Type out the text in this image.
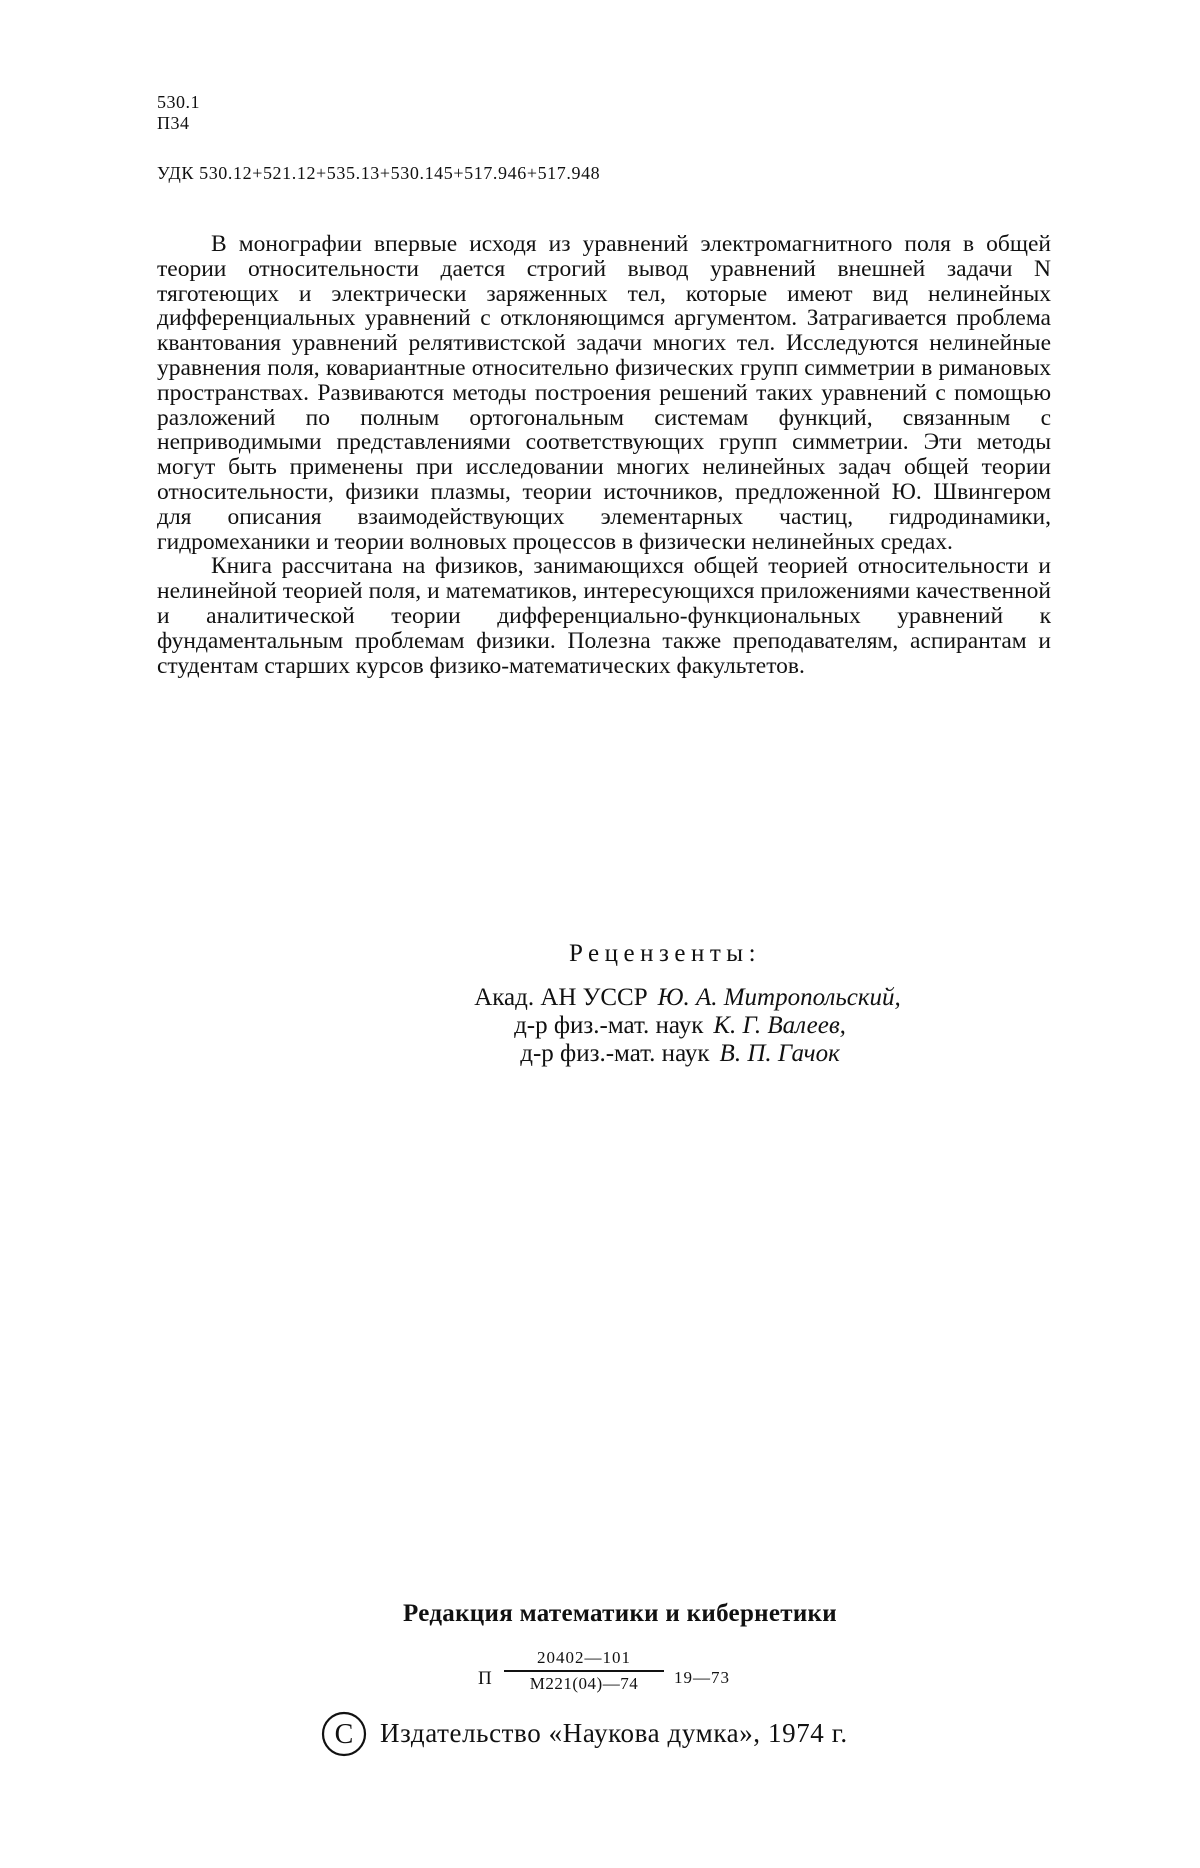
530.1
П34
УДК 530.12+521.12+535.13+530.145+517.946+517.948

В монографии впервые исходя из уравнений электромагнитного поля в общей теории относительности дается строгий вывод уравнений внешней задачи N тяготеющих и электрически заряженных тел, которые имеют вид нелинейных дифференциальных уравнений с отклоняющимся аргументом. Затрагивается проблема квантования уравнений релятивистской задачи многих тел. Исследуются нелинейные уравнения поля, ковариантные относительно физических групп симметрии в римановых пространствах. Развиваются методы построения решений таких уравнений с помощью разложений по полным ортогональным системам функций, связанным с неприводимыми представлениями соответствующих групп симметрии. Эти методы могут быть применены при исследовании многих нелинейных задач общей теории относительности, физики плазмы, теории источников, предложенной Ю. Швингером для описания взаимодействующих элементарных частиц, гидродинамики, гидромеханики и теории волновых процессов в физически нелинейных средах.

Книга рассчитана на физиков, занимающихся общей теорией относительности и нелинейной теорией поля, и математиков, интересующихся приложениями качественной и аналитической теории дифференциально-функциональных уравнений к фундаментальным проблемам физики. Полезна также преподавателям, аспирантам и студентам старших курсов физико-математических факультетов.

Рецензенты:
Акад. АН УССР Ю. А. Митропольский,
д-р физ.-мат. наук К. Г. Валеев,
д-р физ.-мат. наук В. П. Гачок
Редакция математики и кибернетики
П
20402—101
М221(04)—74	19—73
C Издательство «Наукова думка», 1974 г.
